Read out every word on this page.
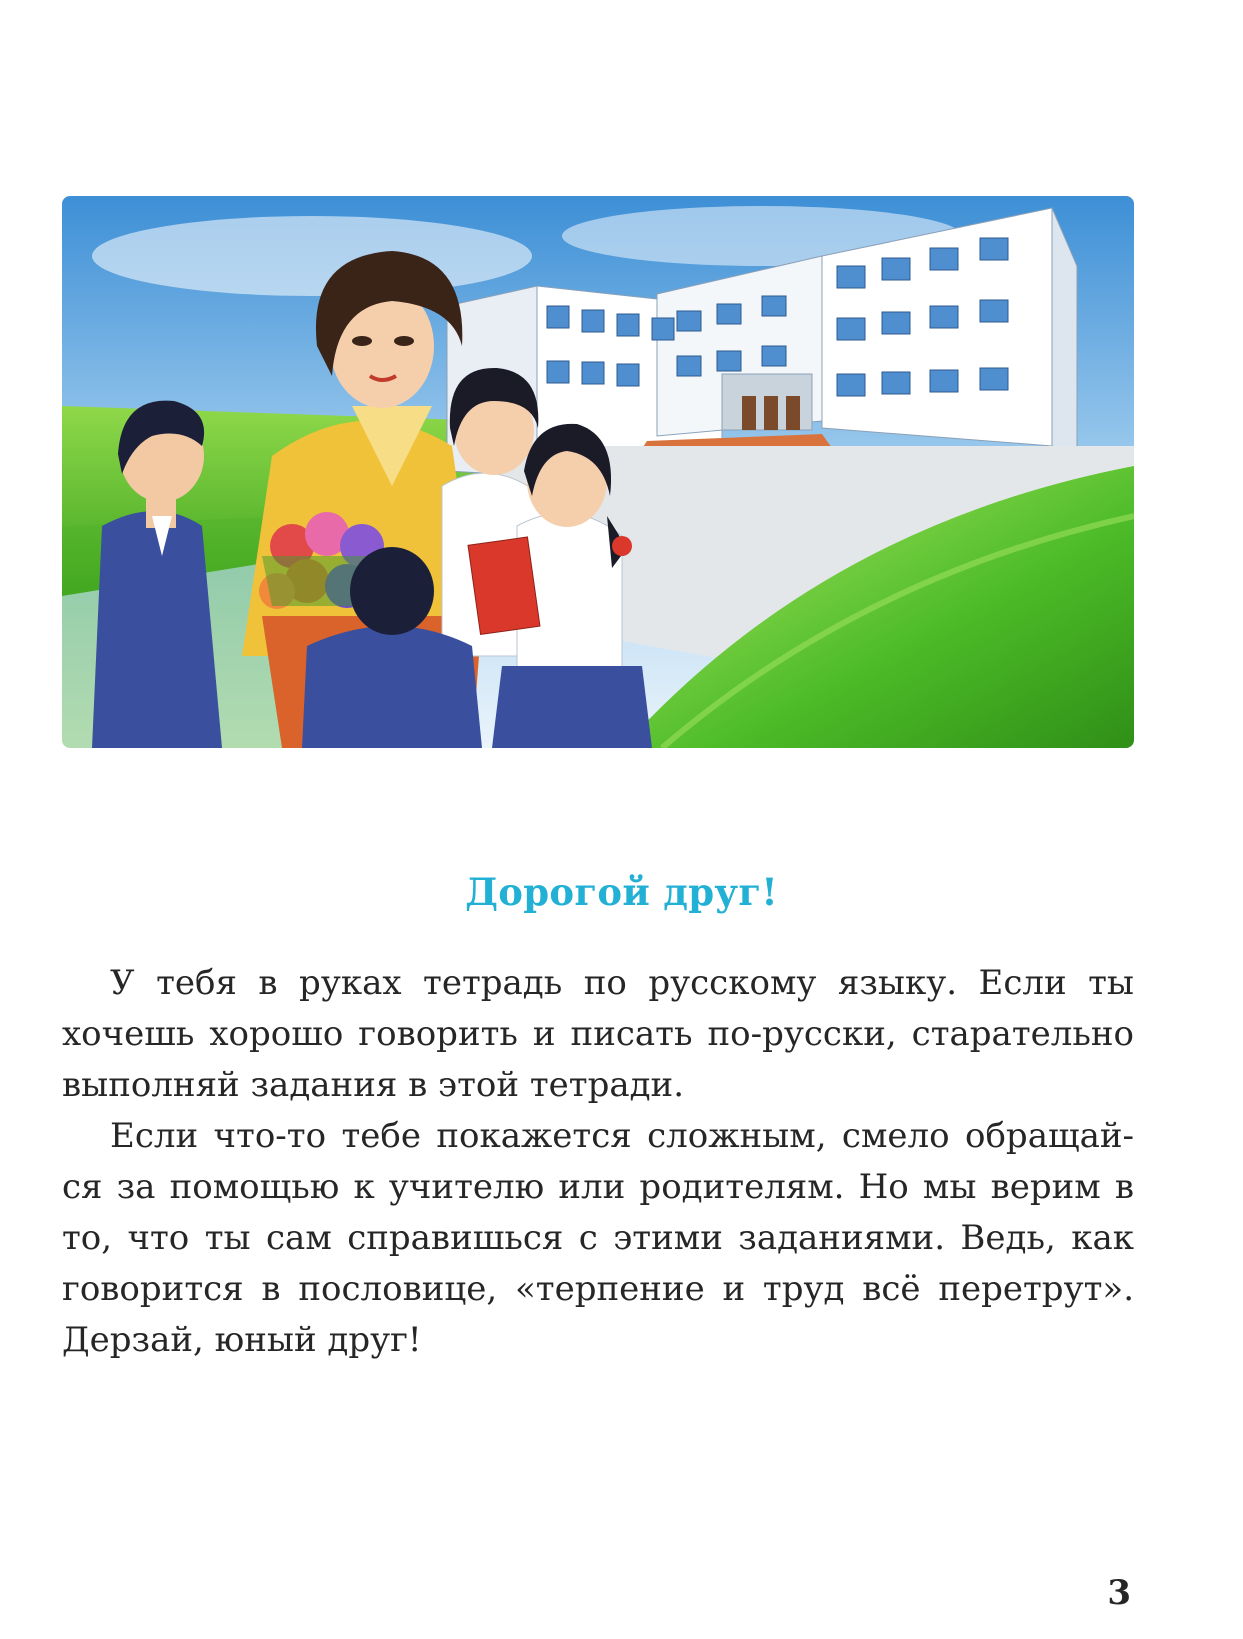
Дорогой друг!

У тебя в руках тетрадь по русскому языку. Если ты хочешь хорошо говорить и писать по-русски, старательно выполняй задания в этой тетради.

Если что-то тебе покажется сложным, смело обращайся за помощью к учителю или родителям. Но мы верим в то, что ты сам справишься с этими заданиями. Ведь, как говорится в пословице, «терпение и труд всё перетрут». Дерзай, юный друг!

3
